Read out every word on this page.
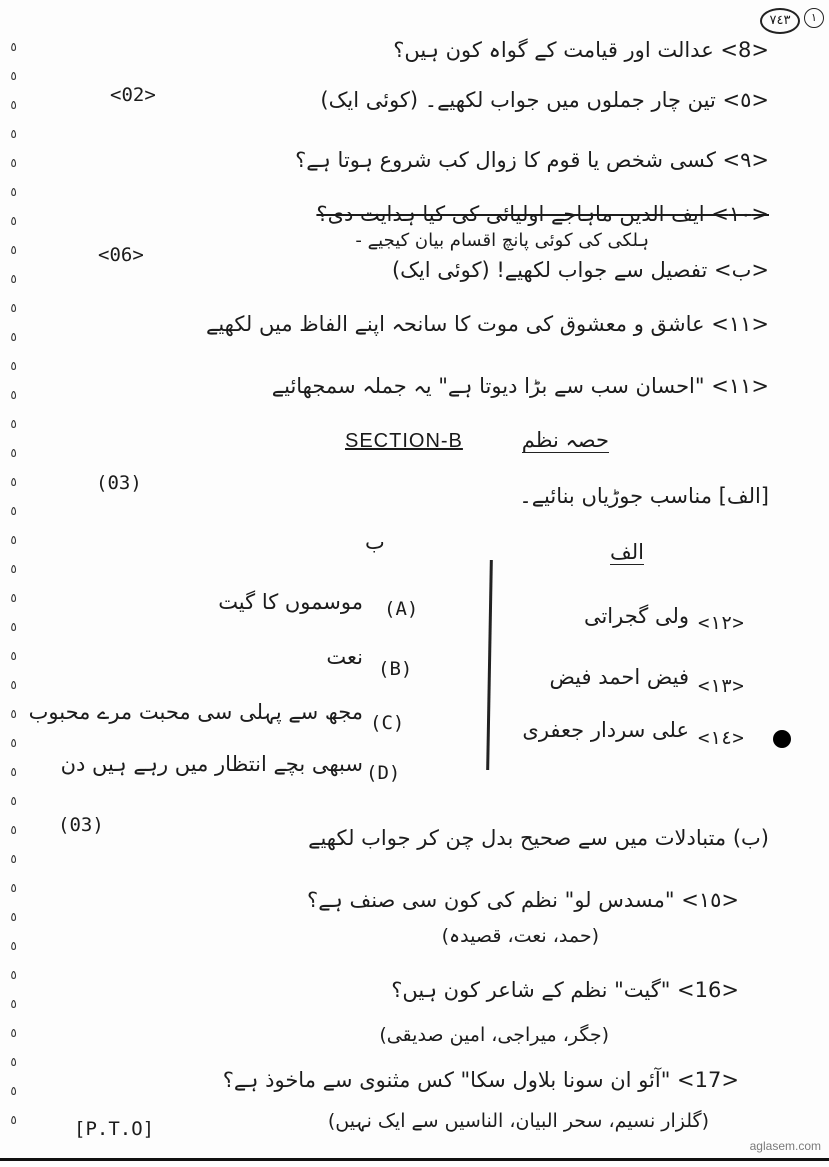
٥
٥
٥
٥
٥
٥
٥
٥
٥
٥
٥
٥
٥
٥
٥
٥
٥
٥
٥
٥
٥
٥
٥
٥
٥
٥
٥
٥
٥
٥
٥
٥
٥
٥
٥
٥
٥
٥
٧٤٣	١
<8> عدالت اور قیامت کے گواہ کون ہیں؟
<02>	<٥> تین چار جملوں میں جواب لکھیے۔ (کوئی ایک)
<٩> کسی شخص یا قوم کا زوال کب شروع ہوتا ہے؟
<١٠> ایف الدین ماہاجے اولیائی کی کیا ہدایت دی؟
ہلکی کی کوئی پانچ اقسام بیان کیجیے -
<06>
<ب> تفصیل سے جواب لکھیے! (کوئی ایک)
<١١> عاشق و معشوق کی موت کا سانحہ اپنے الفاظ میں لکھیے
<١١> "احسان سب سے بڑا دیوتا ہے" یہ جملہ سمجھائیے
SECTION-B	حصہ نظم
(03)
[الف] مناسب جوڑیاں بنائیے۔
ب	الف
ولی گجراتی <١٢>
فیض احمد فیض <١٣>
علی سردار جعفری <١٤>
موسموں کا گیت (A)
نعت (B)
مجھ سے پہلی سی محبت مرے محبوب (C)
سبھی بچے انتظار میں رہے ہیں دن (D)
(03)
(ب) متبادلات میں سے صحیح بدل چن کر جواب لکھیے
<١٥> "مسدس لو" نظم کی کون سی صنف ہے؟
(حمد، نعت، قصیدہ)
<16> "گیت" نظم کے شاعر کون ہیں؟
(جگر، میراجی، امین صدیقی)
<17> "آئو ان سونا بلاول سکا" کس مثنوی سے ماخوذ ہے؟
(گلزار نسیم، سحر البیان، الناسیں سے ایک نہیں)
[P.T.O]
aglasem.com
